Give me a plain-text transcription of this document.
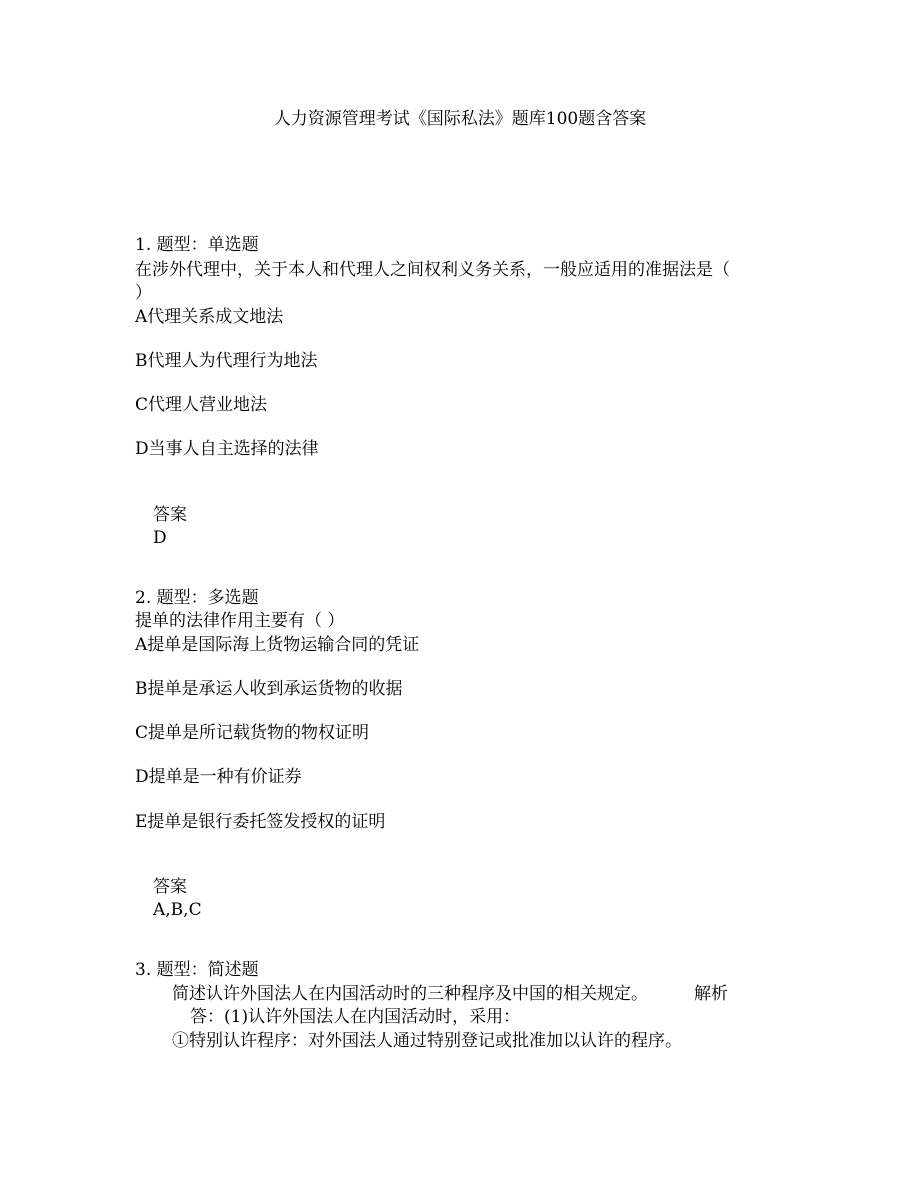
人力资源管理考试《国际私法》题库100题含答案
1. 题型：单选题
在涉外代理中，关于本人和代理人之间权利义务关系，一般应适用的准据法是（
）
A代理关系成文地法
B代理人为代理行为地法
C代理人营业地法
D当事人自主选择的法律
答案
D
2. 题型：多选题
提单的法律作用主要有（ ）
A提单是国际海上货物运输合同的凭证
B提单是承运人收到承运货物的收据
C提单是所记载货物的物权证明
D提单是一种有价证券
E提单是银行委托签发授权的证明
答案
A,B,C
3. 题型：简述题
简述认许外国法人在内国活动时的三种程序及中国的相关规定。	解析
答：(1)认许外国法人在内国活动时，采用：
①特别认许程序：对外国法人通过特别登记或批准加以认许的程序。
